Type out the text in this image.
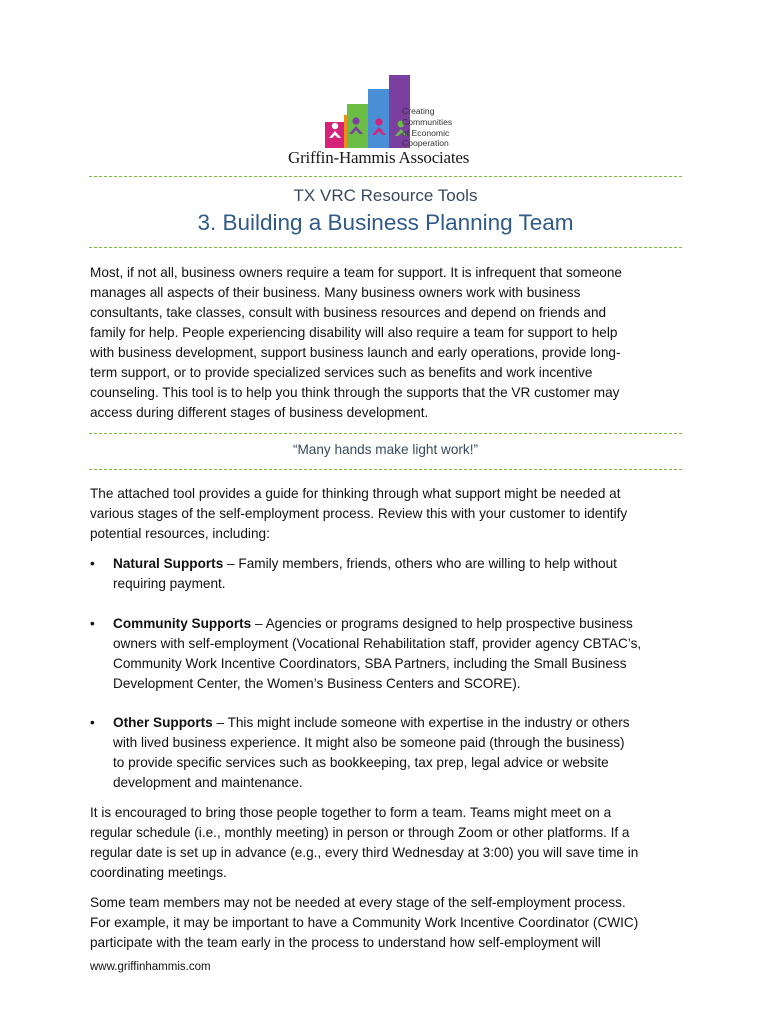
Creating
Communities
of Economic
Cooperation
Griffin-Hammis Associates
TX VRC Resource Tools
3. Building a Business Planning Team
Most, if not all, business owners require a team for support. It is infrequent that someone
manages all aspects of their business. Many business owners work with business
consultants, take classes, consult with business resources and depend on friends and
family for help. People experiencing disability will also require a team for support to help
with business development, support business launch and early operations, provide long-
term support, or to provide specialized services such as benefits and work incentive
counseling. This tool is to help you think through the supports that the VR customer may
access during different stages of business development.
“Many hands make light work!”
The attached tool provides a guide for thinking through what support might be needed at
various stages of the self-employment process. Review this with your customer to identify
potential resources, including:
•	Natural Supports – Family members, friends, others who are willing to help without
requiring payment.
•	Community Supports – Agencies or programs designed to help prospective business
owners with self-employment (Vocational Rehabilitation staff, provider agency CBTAC’s,
Community Work Incentive Coordinators, SBA Partners, including the Small Business
Development Center, the Women’s Business Centers and SCORE).
•	Other Supports – This might include someone with expertise in the industry or others
with lived business experience. It might also be someone paid (through the business)
to provide specific services such as bookkeeping, tax prep, legal advice or website
development and maintenance.
It is encouraged to bring those people together to form a team. Teams might meet on a
regular schedule (i.e., monthly meeting) in person or through Zoom or other platforms. If a
regular date is set up in advance (e.g., every third Wednesday at 3:00) you will save time in
coordinating meetings.
Some team members may not be needed at every stage of the self-employment process.
For example, it may be important to have a Community Work Incentive Coordinator (CWIC)
participate with the team early in the process to understand how self-employment will
www.griffinhammis.com
